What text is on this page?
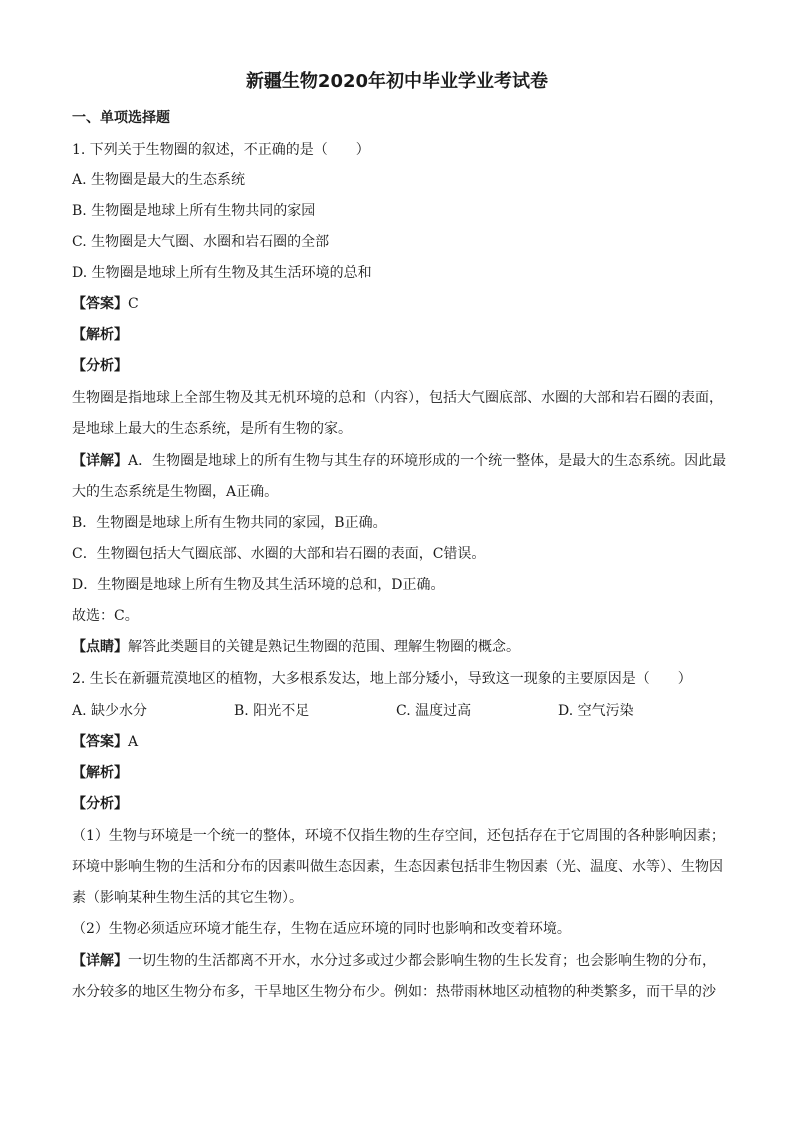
新疆生物2020年初中毕业学业考试卷
一、单项选择题
1. 下列关于生物圈的叙述，不正确的是（　　）
A. 生物圈是最大的生态系统
B. 生物圈是地球上所有生物共同的家园
C. 生物圈是大气圈、水圈和岩石圈的全部
D. 生物圈是地球上所有生物及其生活环境的总和
【答案】C
【解析】
【分析】
生物圈是指地球上全部生物及其无机环境的总和（内容），包括大气圈底部、水圈的大部和岩石圈的表面，
是地球上最大的生态系统，是所有生物的家。
【详解】A．生物圈是地球上的所有生物与其生存的环境形成的一个统一整体，是最大的生态系统。因此最
大的生态系统是生物圈，A正确。
B．生物圈是地球上所有生物共同的家园，B正确。
C．生物圈包括大气圈底部、水圈的大部和岩石圈的表面，C错误。
D．生物圈是地球上所有生物及其生活环境的总和，D正确。
故选：C。
【点睛】解答此类题目的关键是熟记生物圈的范围、理解生物圈的概念。
2. 生长在新疆荒漠地区的植物，大多根系发达，地上部分矮小，导致这一现象的主要原因是（　　）
A. 缺少水分	B. 阳光不足	C. 温度过高	D. 空气污染
【答案】A
【解析】
【分析】
（1）生物与环境是一个统一的整体，环境不仅指生物的生存空间，还包括存在于它周围的各种影响因素；
环境中影响生物的生活和分布的因素叫做生态因素，生态因素包括非生物因素（光、温度、水等）、生物因
素（影响某种生物生活的其它生物）。
（2）生物必须适应环境才能生存，生物在适应环境的同时也影响和改变着环境。
【详解】一切生物的生活都离不开水，水分过多或过少都会影响生物的生长发育；也会影响生物的分布，
水分较多的地区生物分布多，干旱地区生物分布少。例如：热带雨林地区动植物的种类繁多，而干旱的沙
